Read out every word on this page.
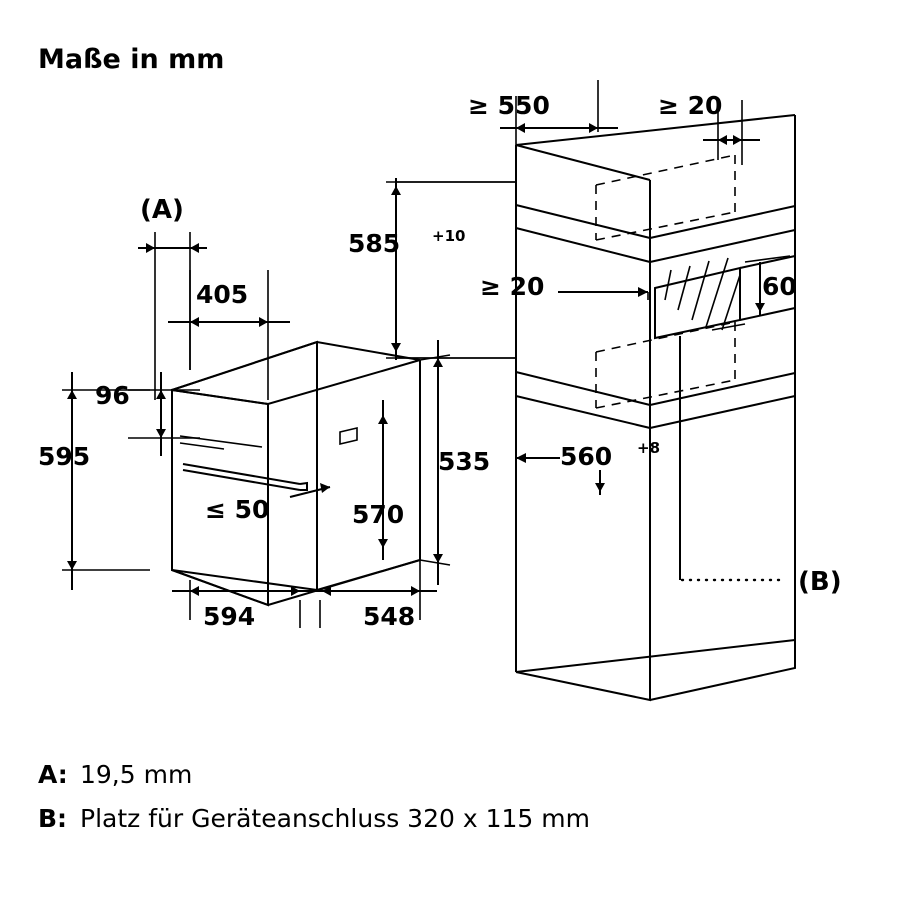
Maße in mm
(A)
405
96
595
570
≤ 50
535
594	548
≥ 550	≥ 20
585 +10
≥ 20	60
560 +8
(B)
A: 19,5 mm
B: Platz für Geräteanschluss 320 x 115 mm
